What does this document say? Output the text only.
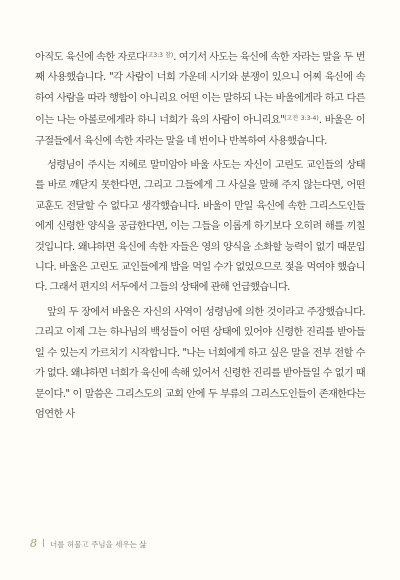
아직도 육신에 속한 자로다$^{(고3:3 참)}$. 여기서 사도는 육신에 속한 자라는 말을 두 번째 사용했습니다. "각 사람이 너희 가운데 시기와 분쟁이 있으니 어찌 육신에 속하여 사람을 따라 행함이 아니리요 어떤 이는 말하되 나는 바울에게라 하고 다른 이는 나는 아볼로에게라 하니 너희가 육의 사람이 아니리요"$^{(고전 3:3-4)}$. 바울은 이 구절들에서 육신에 속한 자라는 말을 네 번이나 반복하여 사용했습니다.

성령님이 주시는 지혜로 말미암아 바울 사도는 자신이 고린도 교인들의 상태를 바로 깨닫지 못한다면, 그리고 그들에게 그 사실을 말해 주지 않는다면, 어떤 교훈도 전달할 수 없다고 생각했습니다. 바울이 만일 육신에 속한 그리스도인들에게 신령한 양식을 공급한다면, 이는 그들을 이롭게 하기보다 오히려 해를 끼칠 것입니다. 왜냐하면 육신에 속한 자들은 영의 양식을 소화할 능력이 없기 때문입니다. 바울은 고린도 교인들에게 밥을 먹일 수가 없었으므로 젖을 먹여야 했습니다. 그래서 편지의 서두에서 그들의 상태에 관해 언급했습니다.

앞의 두 장에서 바울은 자신의 사역이 성령님에 의한 것이라고 주장했습니다. 그리고 이제 그는 하나님의 백성들이 어떤 상태에 있어야 신령한 진리를 받아들일 수 있는지 가르치기 시작합니다. "나는 너희에게 하고 싶은 말을 전부 전할 수가 없다. 왜냐하면 너희가 육신에 속해 있어서 신령한 진리를 받아들일 수 없기 때문이다." 이 말씀은 그리스도의 교회 안에 두 부류의 그리스도인들이 존재한다는 엄연한 사

8 너를 허물고 주님을 세우는 삶
